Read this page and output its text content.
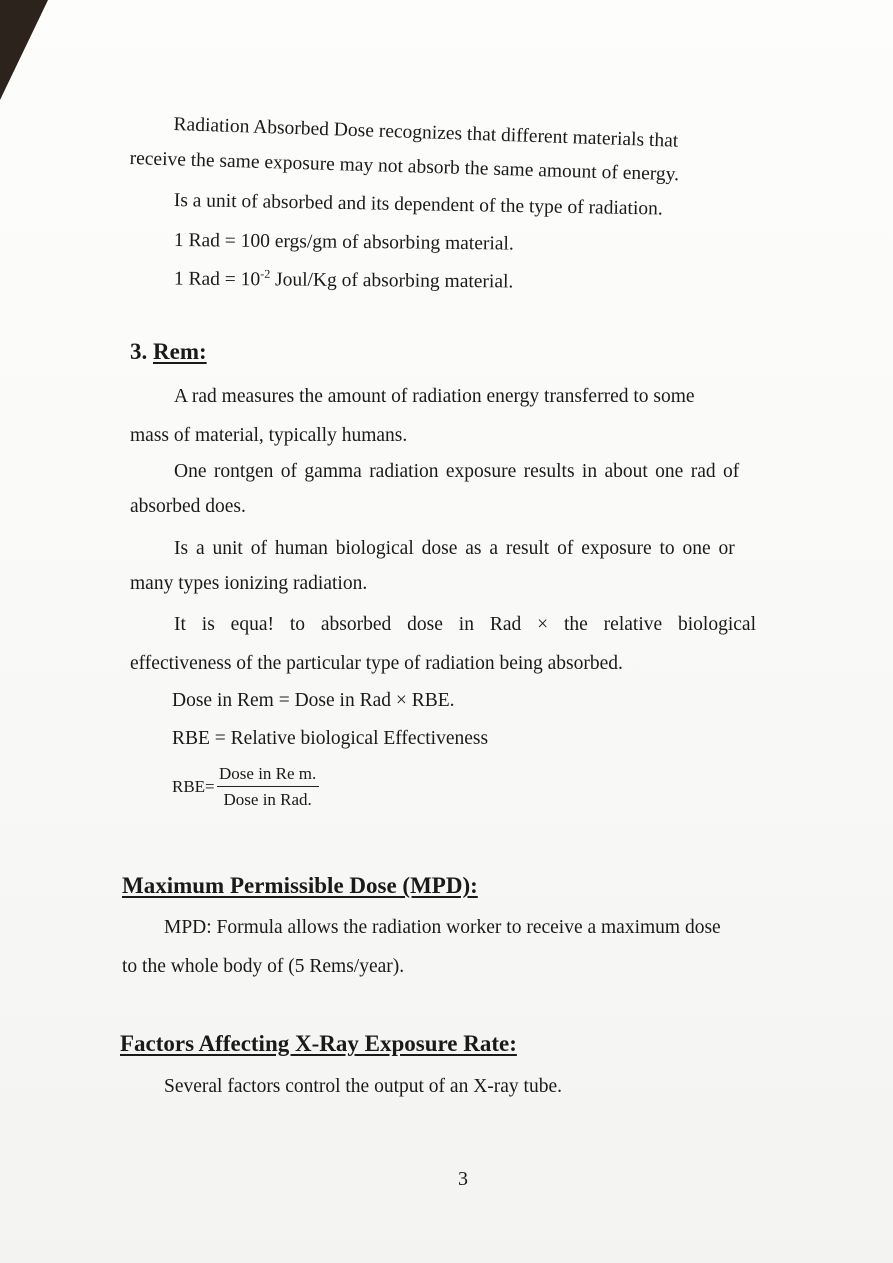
Radiation Absorbed Dose recognizes that different materials that

receive the same exposure may not absorb the same amount of energy.

Is a unit of absorbed and its dependent of the type of radiation.

1 Rad = 100 ergs/gm of absorbing material.

1 Rad = $10^{-2}$ Joul/Kg of absorbing material.

3. Rem:
A rad measures the amount of radiation energy transferred to some

mass of material, typically humans.

One rontgen of gamma radiation exposure results in about one rad of

absorbed does.

Is a unit of human biological dose as a result of exposure to one or

many types ionizing radiation.

It is equa! to absorbed dose in Rad × the relative biological

effectiveness of the particular type of radiation being absorbed.

Dose in Rem = Dose in Rad × RBE.

RBE = Relative biological Effectiveness

$RBE= \frac{\text{Dose in Re m.}}{\text{Dose in Rad.}}$
Maximum Permissible Dose (MPD):

MPD: Formula allows the radiation worker to receive a maximum dose

to the whole body of (5 Rems/year).

Factors Affecting X-Ray Exposure Rate:

Several factors control the output of an X-ray tube.

3
